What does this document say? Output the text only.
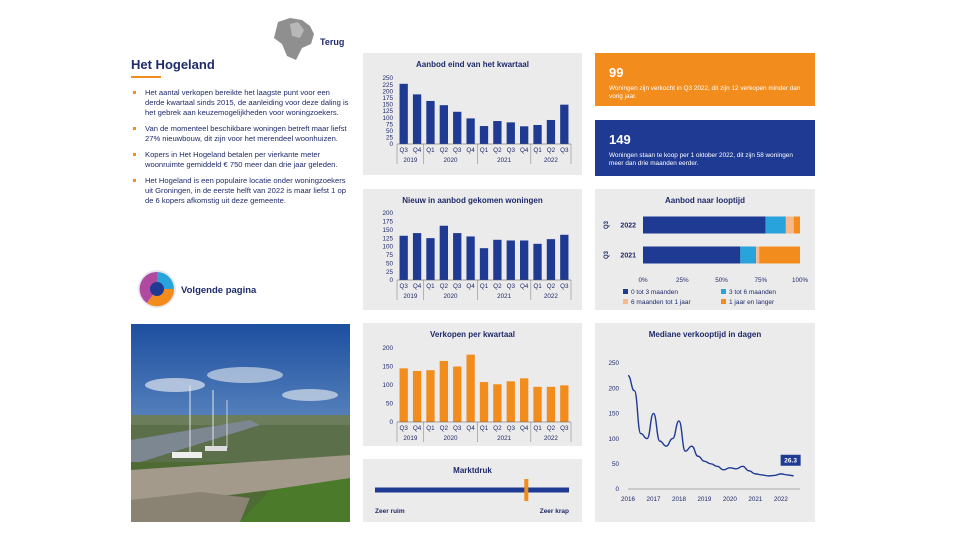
Terug
Het Hogeland
Het aantal verkopen bereikte het laagste punt voor een derde kwartaal sinds 2015, de aanleiding voor deze daling is het gebrek aan keuzemogelijkheden voor woningzoekers.
Van de momenteel beschikbare woningen betreft maar liefst 27% nieuwbouw, dit zijn voor het merendeel woonhuizen.
Kopers in Het Hogeland betalen per vierkante meter woonruimte gemiddeld € 750 meer dan drie jaar geleden.
Het Hogeland is een populaire locatie onder woningzoekers uit Groningen, in de eerste helft van 2022 is maar liefst 1 op de 6 kopers afkomstig uit deze gemeente.
Volgende pagina
Aanbod eind van het kwartaal
0
25
50
75
100
125
150
175
200
225
250
Q3 Q4 Q1 Q2 Q3 Q4 Q1 Q2 Q3 Q4 Q1 Q2 Q3
2019	2020	2021	2022
Nieuw in aanbod gekomen woningen
0
25
50
75
100
125
150
175
200
Q3 Q4 Q1 Q2 Q3 Q4 Q1 Q2 Q3 Q4 Q1 Q2 Q3
2019	2020	2021	2022
Verkopen per kwartaal
0
50
100
150
200
Q3 Q4 Q1 Q2 Q3 Q4 Q1 Q2 Q3 Q4 Q1 Q2 Q3
2019	2020	2021	2022
Marktdruk
Zeer ruim	Zeer krap
99
Woningen zijn verkocht in Q3 2022, dit zijn 12 verkopen minder dan vorig jaar.
149
Woningen staan te koop per 1 oktober 2022, dit zijn 58 woningen meer dan drie maanden eerder.
Aanbod naar looptijd
2022
Q3
2021
Q3
0%	25%	50%	75%	100%
0 tot 3 maanden	3 tot 6 maanden
6 maanden tot 1 jaar	1 jaar en langer
Mediane verkooptijd in dagen
0
50
100
150
200
250
2016 2017 2018 2019 2020 2021 2022
26.3
